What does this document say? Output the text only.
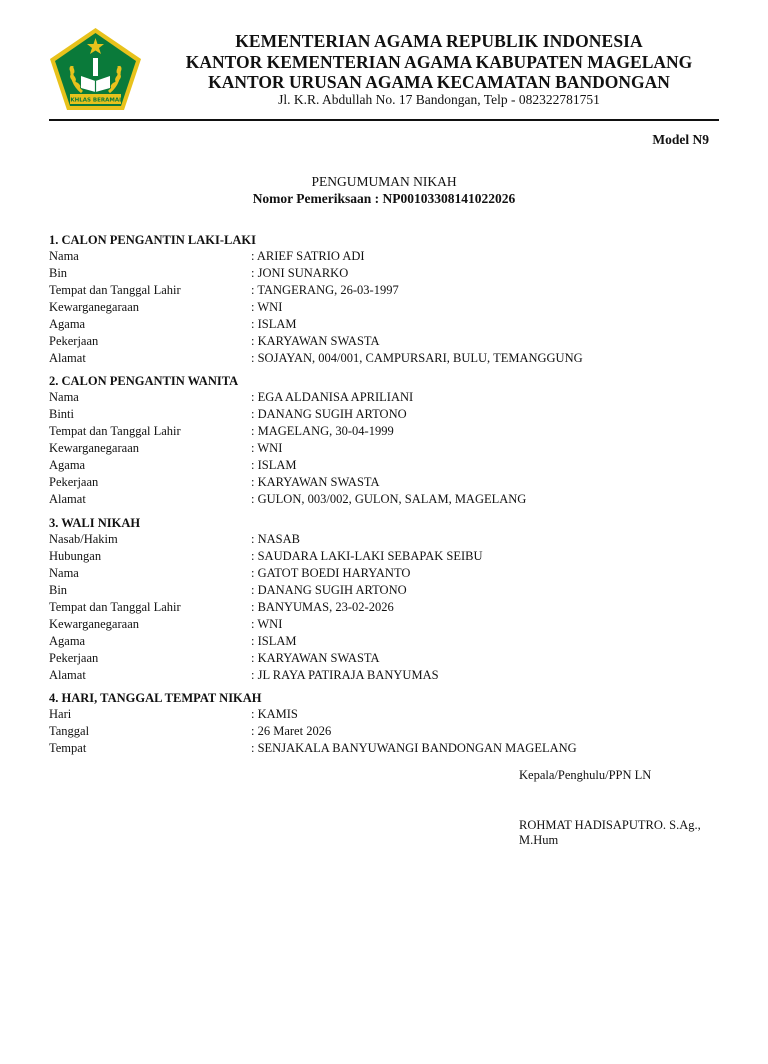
IKHLAS BERAMAL
KEMENTERIAN AGAMA REPUBLIK INDONESIA
KANTOR KEMENTERIAN AGAMA KABUPATEN MAGELANG
KANTOR URUSAN AGAMA KECAMATAN BANDONGAN
Jl. K.R. Abdullah No. 17 Bandongan, Telp - 082322781751
Model N9
PENGUMUMAN NIKAH
Nomor Pemeriksaan : NP00103308141022026
1. CALON PENGANTIN LAKI-LAKI
Nama	: ARIEF SATRIO ADI
Bin	: JONI SUNARKO
Tempat dan Tanggal Lahir	: TANGERANG, 26-03-1997
Kewarganegaraan	: WNI
Agama	: ISLAM
Pekerjaan	: KARYAWAN SWASTA
Alamat	: SOJAYAN, 004/001, CAMPURSARI, BULU, TEMANGGUNG
2. CALON PENGANTIN WANITA
Nama	: EGA ALDANISA APRILIANI
Binti	: DANANG SUGIH ARTONO
Tempat dan Tanggal Lahir	: MAGELANG, 30-04-1999
Kewarganegaraan	: WNI
Agama	: ISLAM
Pekerjaan	: KARYAWAN SWASTA
Alamat	: GULON, 003/002, GULON, SALAM, MAGELANG
3. WALI NIKAH
Nasab/Hakim	: NASAB
Hubungan	: SAUDARA LAKI-LAKI SEBAPAK SEIBU
Nama	: GATOT BOEDI HARYANTO
Bin	: DANANG SUGIH ARTONO
Tempat dan Tanggal Lahir	: BANYUMAS, 23-02-2026
Kewarganegaraan	: WNI
Agama	: ISLAM
Pekerjaan	: KARYAWAN SWASTA
Alamat	: JL RAYA PATIRAJA BANYUMAS
4. HARI, TANGGAL TEMPAT NIKAH
Hari	: KAMIS
Tanggal	: 26 Maret 2026
Tempat	: SENJAKALA BANYUWANGI BANDONGAN MAGELANG
Kepala/Penghulu/PPN LN
ROHMAT HADISAPUTRO. S.Ag.,
M.Hum
